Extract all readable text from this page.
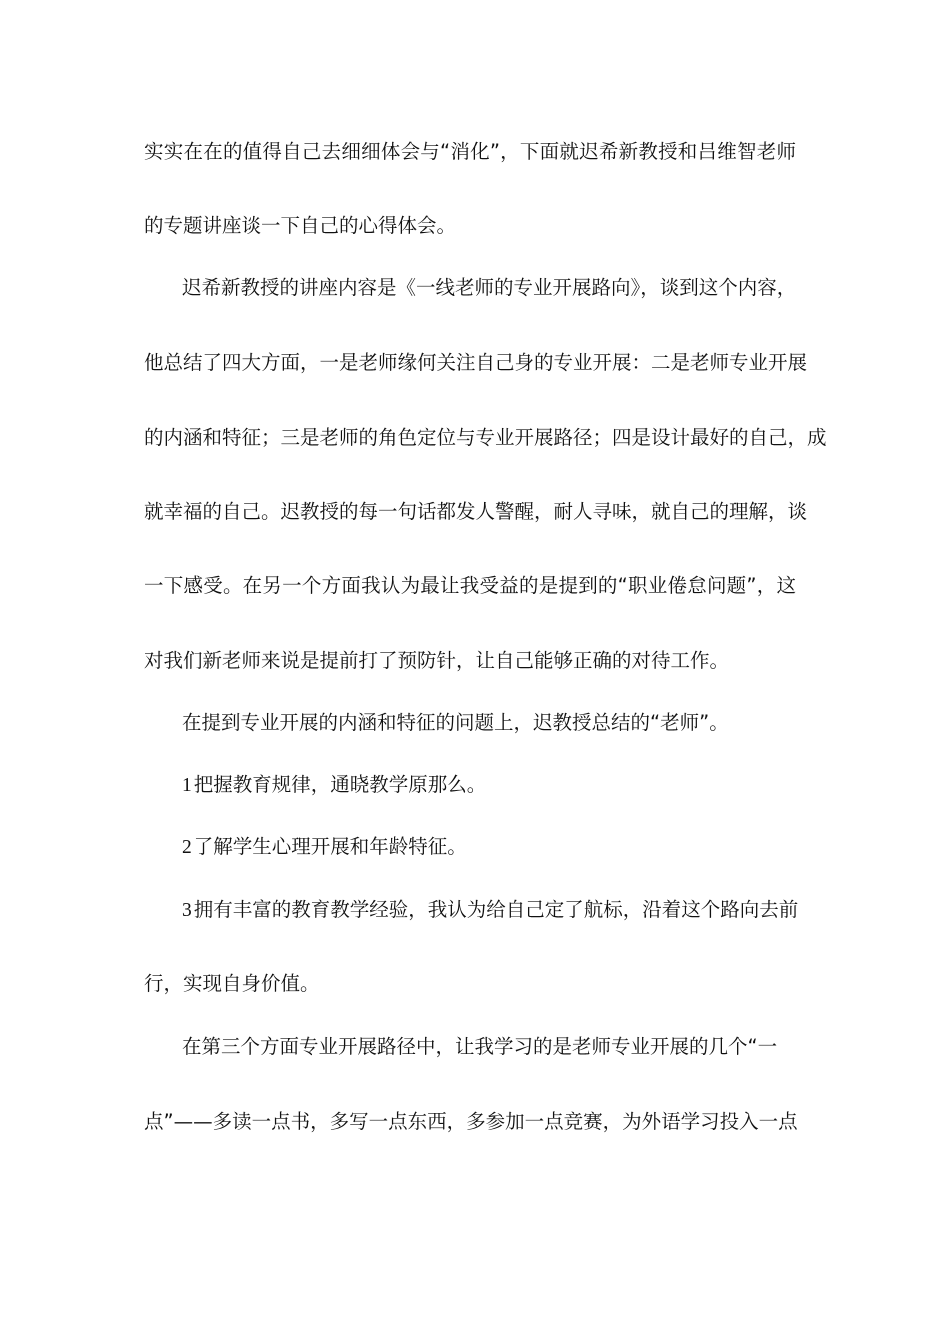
实实在在的值得自己去细细体会与“消化”，下面就迟希新教授和吕维智老师
的专题讲座谈一下自己的心得体会。
迟希新教授的讲座内容是《一线老师的专业开展路向》，谈到这个内容，
他总结了四大方面，一是老师缘何关注自己身的专业开展：二是老师专业开展
的内涵和特征；三是老师的角色定位与专业开展路径；四是设计最好的自己，成
就幸福的自己。迟教授的每一句话都发人警醒，耐人寻味，就自己的理解，谈
一下感受。在另一个方面我认为最让我受益的是提到的“职业倦怠问题”，这
对我们新老师来说是提前打了预防针，让自己能够正确的对待工作。
在提到专业开展的内涵和特征的问题上，迟教授总结的“老师”。
1 把握教育规律，通晓教学原那么。
2 了解学生心理开展和年龄特征。
3 拥有丰富的教育教学经验，我认为给自己定了航标，沿着这个路向去前
行，实现自身价值。
在第三个方面专业开展路径中，让我学习的是老师专业开展的几个“一
点”——多读一点书，多写一点东西，多参加一点竞赛，为外语学习投入一点
